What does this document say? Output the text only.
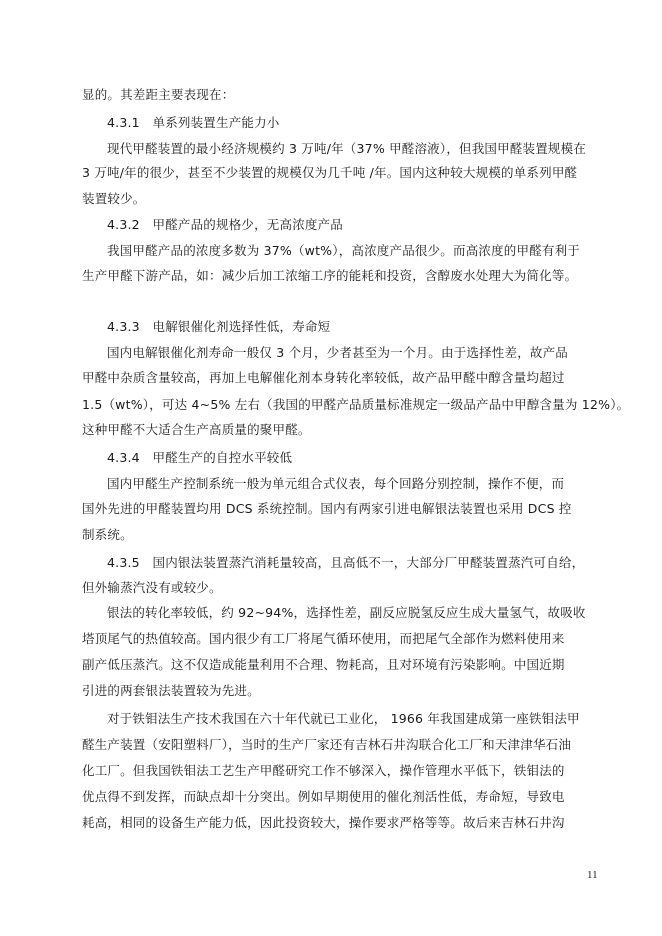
显的。其差距主要表现在：
4.3.1　单系列装置生产能力小
现代甲醛装置的最小经济规模约 3 万吨/年（37% 甲醛溶液），但我国甲醛装置规模在
3 万吨/年的很少，甚至不少装置的规模仅为几千吨 /年。国内这种较大规模的单系列甲醛
装置较少。
4.3.2　甲醛产品的规格少，无高浓度产品
我国甲醛产品的浓度多数为 37%（wt%），高浓度产品很少。而高浓度的甲醛有利于
生产甲醛下游产品，如：减少后加工浓缩工序的能耗和投资，含醇废水处理大为简化等。
4.3.3　电解银催化剂选择性低，寿命短
国内电解银催化剂寿命一般仅 3 个月，少者甚至为一个月。由于选择性差，故产品
甲醛中杂质含量较高，再加上电解催化剂本身转化率较低，故产品甲醛中醇含量均超过
1.5（wt%），可达 4~5% 左右（我国的甲醛产品质量标准规定一级品产品中甲醇含量为 12%）。
这种甲醛不大适合生产高质量的聚甲醛。
4.3.4　甲醛生产的自控水平较低
国内甲醛生产控制系统一般为单元组合式仪表，每个回路分别控制，操作不便，而
国外先进的甲醛装置均用 DCS 系统控制。国内有两家引进电解银法装置也采用 DCS 控
制系统。
4.3.5　国内银法装置蒸汽消耗量较高，且高低不一，大部分厂甲醛装置蒸汽可自给，
但外输蒸汽没有或较少。
银法的转化率较低，约 92~94%，选择性差，副反应脱氢反应生成大量氢气，故吸收
塔顶尾气的热值较高。国内很少有工厂将尾气循环使用，而把尾气全部作为燃料使用来
副产低压蒸汽。这不仅造成能量利用不合理、物耗高，且对环境有污染影响。中国近期
引进的两套银法装置较为先进。
对于铁钼法生产技术我国在六十年代就已工业化， 1966 年我国建成第一座铁钼法甲
醛生产装置（安阳塑料厂），当时的生产厂家还有吉林石井沟联合化工厂和天津津华石油
化工厂。但我国铁钼法工艺生产甲醛研究工作不够深入，操作管理水平低下，铁钼法的
优点得不到发挥，而缺点却十分突出。例如早期使用的催化剂活性低，寿命短，导致电
耗高，相同的设备生产能力低，因此投资较大，操作要求严格等等。故后来吉林石井沟
11
